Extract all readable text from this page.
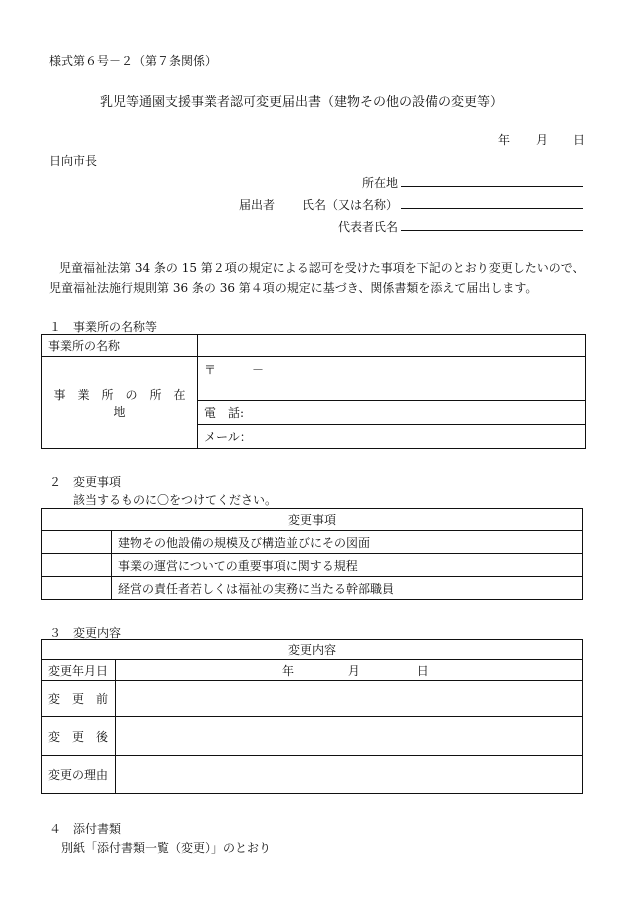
様式第６号－２（第７条関係）
乳児等通園支援事業者認可変更届出書（建物その他の設備の変更等）
年 月 日
日向市長
所在地
届出者 氏名（又は名称）
代表者氏名
児童福祉法第 34 条の 15 第２項の規定による認可を受けた事項を下記のとおり変更したいので、
児童福祉法施行規則第 36 条の 36 第４項の規定に基づき、関係書類を添えて届出します。
１　事業所の名称等
事業所の名称	
事　業　所　の　所　在　地	〒　　　－
	電　話:
	メール：
２　変更事項
該当するものに〇をつけてください。
変更事項	
	建物その他設備の規模及び構造並びにその図面
	事業の運営についての重要事項に関する規程
	経営の責任者若しくは福祉の実務に当たる幹部職員
３　変更内容
変更内容	
変更年月日	年 月 日
変　更　前	
変　更　後	
変更の理由	
４　添付書類
別紙「添付書類一覧（変更）」のとおり
